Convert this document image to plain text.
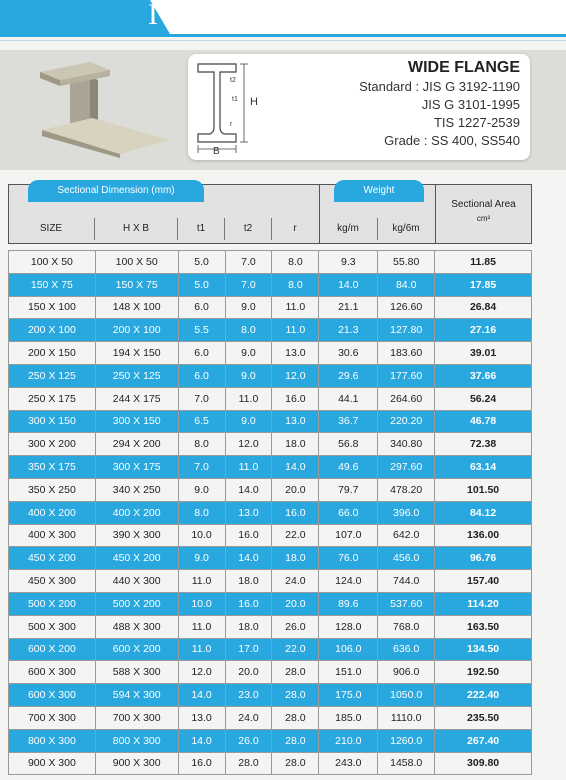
I
t2
t1
r
H
B
WIDE FLANGE
Standard : JIS G 3192-1190
JIS G 3101-1995
TIS 1227-2539
Grade : SS 400, SS540
Sectional Dimension (mm)	Weight
Sectional Area
cm²
SIZE	H X B	t1	t2	r	kg/m	kg/6m
100 X 50	100 X 50	5.0	7.0	8.0	9.3	55.80	11.85
150 X 75	150 X 75	5.0	7.0	8.0	14.0	84.0	17.85
150 X 100	148 X 100	6.0	9.0	11.0	21.1	126.60	26.84
200 X 100	200 X 100	5.5	8.0	11.0	21.3	127.80	27.16
200 X 150	194 X 150	6.0	9.0	13.0	30.6	183.60	39.01
250 X 125	250 X 125	6.0	9.0	12.0	29.6	177.60	37.66
250 X 175	244 X 175	7.0	11.0	16.0	44.1	264.60	56.24
300 X 150	300 X 150	6.5	9.0	13.0	36.7	220.20	46.78
300 X 200	294 X 200	8.0	12.0	18.0	56.8	340.80	72.38
350 X 175	300 X 175	7.0	11.0	14.0	49.6	297.60	63.14
350 X 250	340 X 250	9.0	14.0	20.0	79.7	478.20	101.50
400 X 200	400 X 200	8.0	13.0	16.0	66.0	396.0	84.12
400 X 300	390 X 300	10.0	16.0	22.0	107.0	642.0	136.00
450 X 200	450 X 200	9.0	14.0	18.0	76.0	456.0	96.76
450 X 300	440 X 300	11.0	18.0	24.0	124.0	744.0	157.40
500 X 200	500 X 200	10.0	16.0	20.0	89.6	537.60	114.20
500 X 300	488 X 300	11.0	18.0	26.0	128.0	768.0	163.50
600 X 200	600 X 200	11.0	17.0	22.0	106.0	636.0	134.50
600 X 300	588 X 300	12.0	20.0	28.0	151.0	906.0	192.50
600 X 300	594 X 300	14.0	23.0	28.0	175.0	1050.0	222.40
700 X 300	700 X 300	13.0	24.0	28.0	185.0	1110.0	235.50
800 X 300	800 X 300	14.0	26.0	28.0	210.0	1260.0	267.40
900 X 300	900 X 300	16.0	28.0	28.0	243.0	1458.0	309.80
